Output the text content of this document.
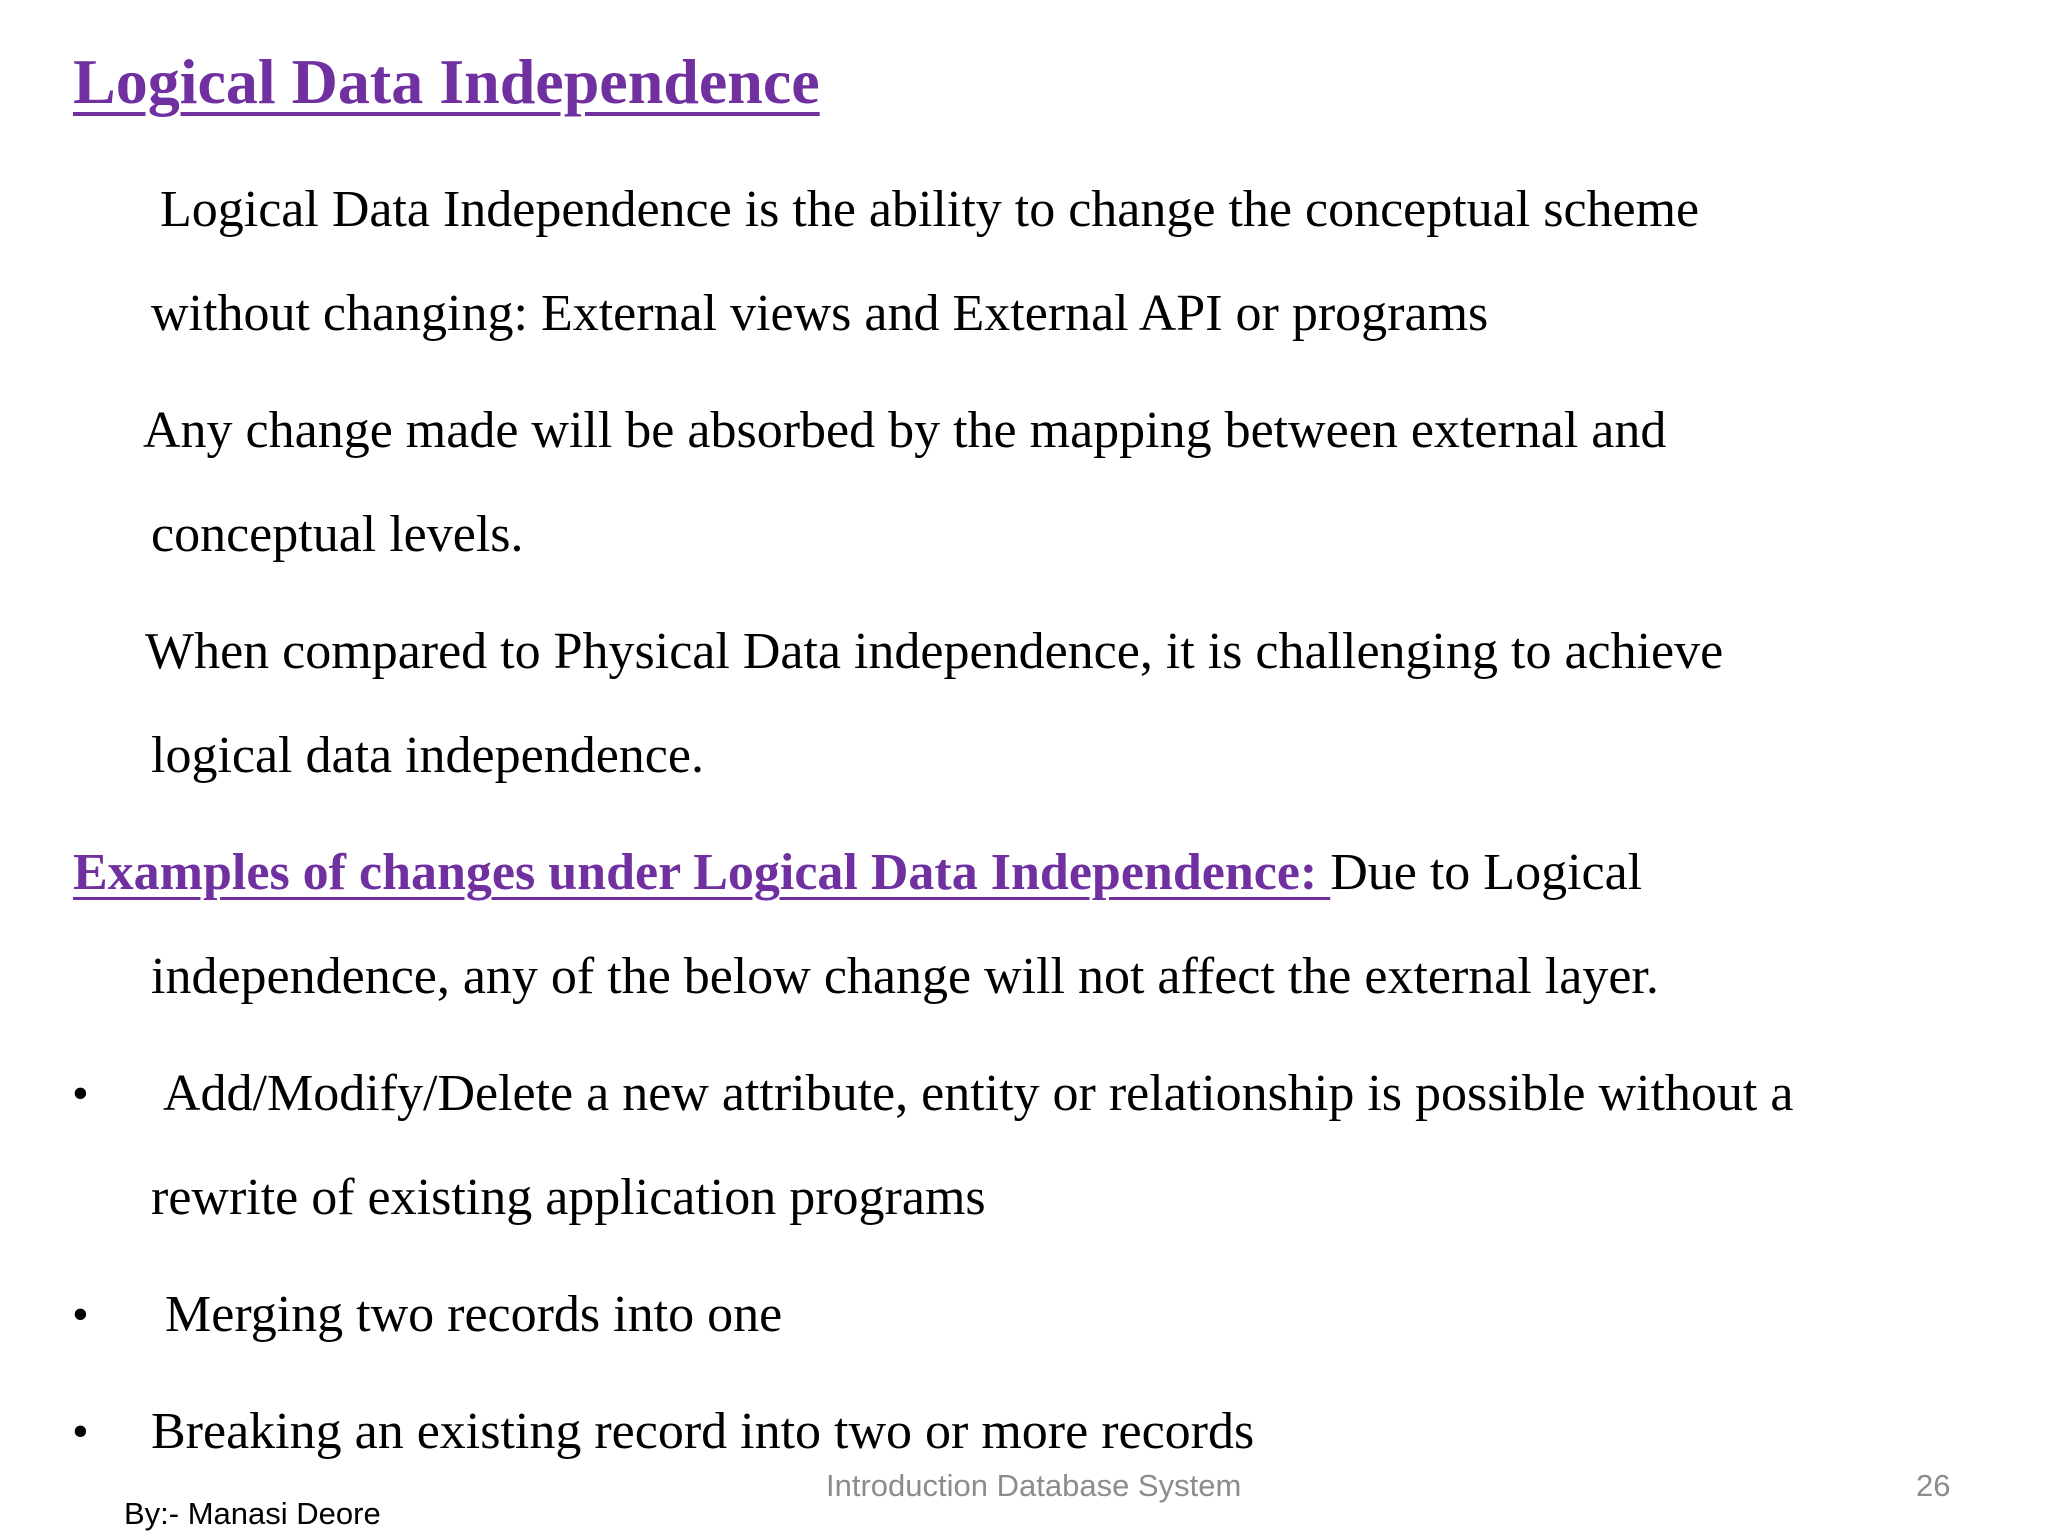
Logical Data Independence

Logical Data Independence is the ability to change the conceptual scheme

without changing: External views and External API or programs

Any change made will be absorbed by the mapping between external and

conceptual levels.

When compared to Physical Data independence, it is challenging to achieve

logical data independence.

Examples of changes under Logical Data Independence: Due to Logical

independence, any of the below change will not affect the external layer.

• Add/Modify/Delete a new attribute, entity or relationship is possible without a

rewrite of existing application programs

• Merging two records into one

• Breaking an existing record into two or more records

Introduction Database System	26
By:- Manasi Deore
